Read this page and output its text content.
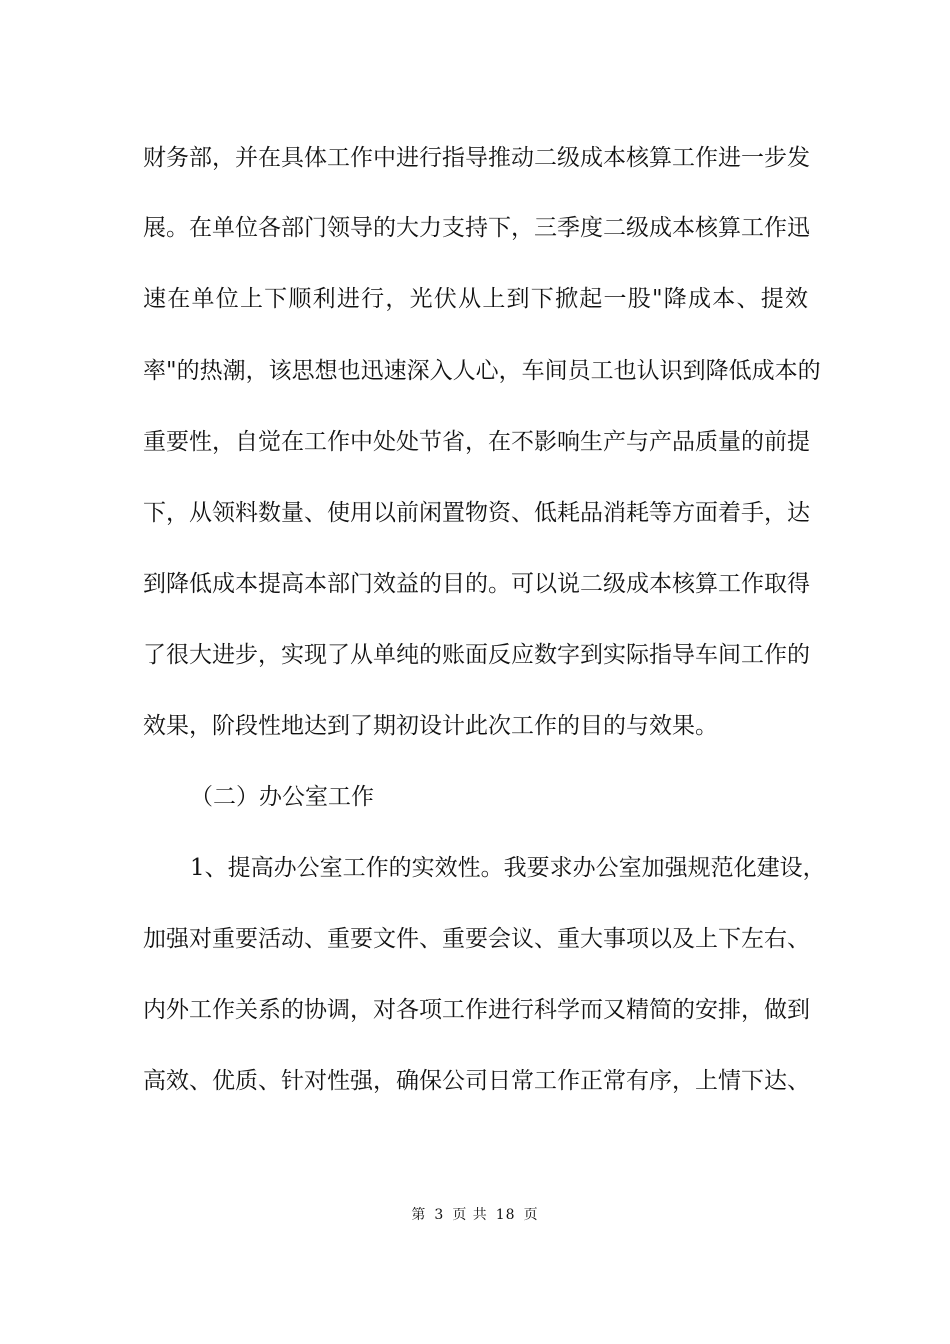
财务部，并在具体工作中进行指导推动二级成本核算工作进一步发
展。在单位各部门领导的大力支持下，三季度二级成本核算工作迅
速在单位上下顺利进行，光伏从上到下掀起一股"降成本、提效
率"的热潮，该思想也迅速深入人心，车间员工也认识到降低成本的
重要性，自觉在工作中处处节省，在不影响生产与产品质量的前提
下，从领料数量、使用以前闲置物资、低耗品消耗等方面着手，达
到降低成本提高本部门效益的目的。可以说二级成本核算工作取得
了很大进步，实现了从单纯的账面反应数字到实际指导车间工作的
效果，阶段性地达到了期初设计此次工作的目的与效果。
（二）办公室工作
1、提高办公室工作的实效性。我要求办公室加强规范化建设，
加强对重要活动、重要文件、重要会议、重大事项以及上下左右、
内外工作关系的协调，对各项工作进行科学而又精简的安排，做到
高效、优质、针对性强，确保公司日常工作正常有序，上情下达、
第 3 页 共 18 页
